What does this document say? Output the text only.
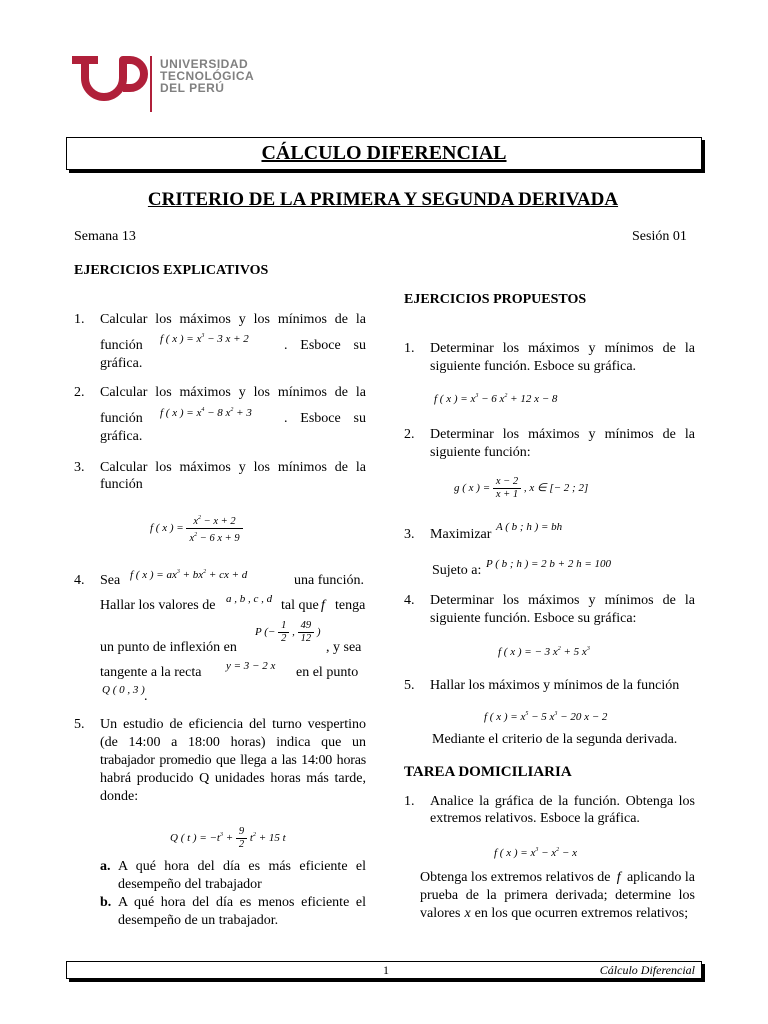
UNIVERSIDAD
TECNOLÓGICA
DEL PERÚ
CÁLCULO DIFERENCIAL
CRITERIO DE LA PRIMERA Y SEGUNDA DERIVADA
Semana 13	Sesión 01
EJERCICIOS EXPLICATIVOS
1. Calcular los máximos y los mínimos de la
función f ( x ) = $x^3 - 3$ x + 2	. Esboce su
gráfica.
2. Calcular los máximos y los mínimos de la
función f ( x ) = $x^4 - 8$ $x^2 + 3$ . Esboce su
gráfica.
3. Calcular los máximos y los mínimos de la
función
f ( x ) = $\frac{x^2 - x + 2}{x^2 - 6 x + 9}$
4. Sea f ( x ) = $ax^3 + bx^2$ + cx + d	una función.
Hallar los valores de a , b , c , d tal que f tenga
un punto de inflexión en
P (− $\frac{1}{2}$ , $\frac{49}{12}$ )
, y sea
tangente a la recta y = 3 − 2 x en el punto
Q ( 0 , 3 ) .
5. Un estudio de eficiencia del turno vespertino
(de 14:00 a 18:00 horas) indica que un
trabajador promedio que llega a las 14:00 horas
habrá producido Q unidades horas más tarde,
donde:
Q ( t ) = $-t^3 + \frac{9}{2} t^2 + 15$ t
a. A qué hora del día es más eficiente el
desempeño del trabajador
b. A qué hora del día es menos eficiente el
desempeño de un trabajador.
EJERCICIOS PROPUESTOS
1. Determinar los máximos y mínimos de la
siguiente función. Esboce su gráfica.
f ( x ) = $x^3 - 6$ $x^2 + 12$ x − 8
2. Determinar los máximos y mínimos de la
siguiente función:
g ( x ) = $\frac{x - 2}{x + 1}$ , x ∈ [− 2 ; 2]
3. Maximizar A ( b ; h ) = bh
Sujeto a: P ( b ; h ) = 2 b + 2 h = 100
4. Determinar los máximos y mínimos de la
siguiente función. Esboce su gráfica:
f ( x ) = − 3 $x^2 + 5$ $x^3$
5. Hallar los máximos y mínimos de la función
f ( x ) = $x^5 - 5$ $x^3 - 20$ x − 2
Mediante el criterio de la segunda derivada.
TAREA DOMICILIARIA
1. Analice la gráfica de la función. Obtenga los
extremos relativos. Esboce la gráfica.
f ( x ) = $x^3 - x^2 - x$
Obtenga los extremos relativos de f aplicando la
prueba de la primera derivada; determine los
valores x en los que ocurren extremos relativos;
1	Cálculo Diferencial
